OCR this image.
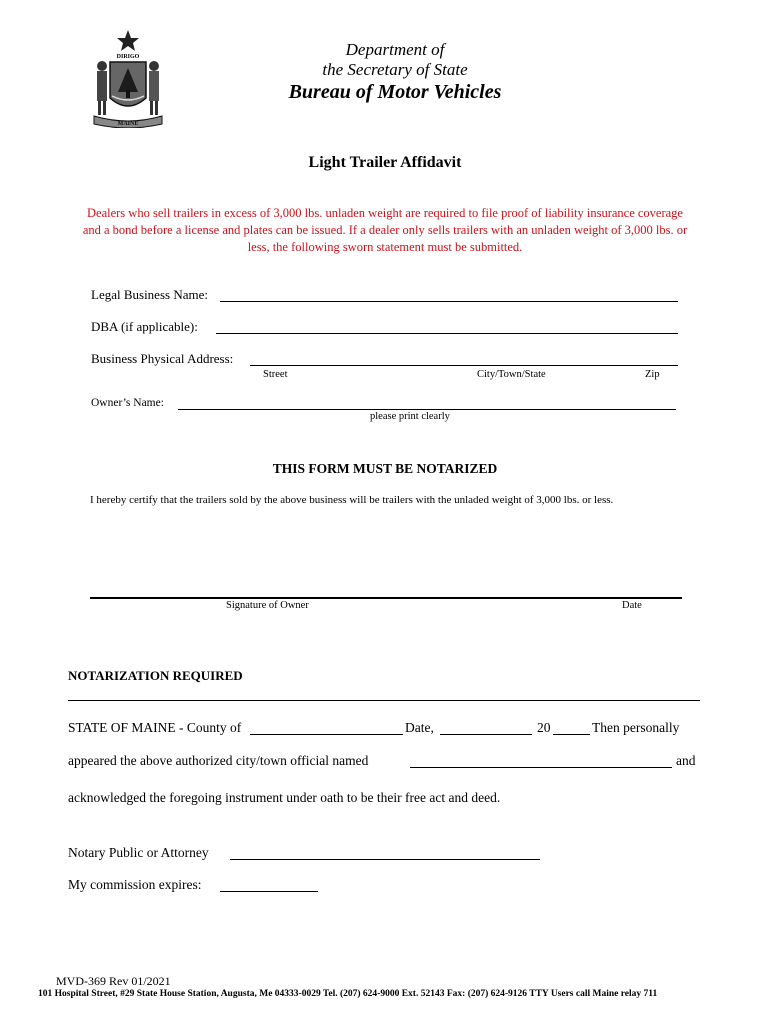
DIRIGO
MAINE
Department of
the Secretary of State
Bureau of Motor Vehicles
Light Trailer Affidavit
Dealers who sell trailers in excess of 3,000 lbs. unladen weight are required to file proof of liability insurance coverage and a bond before a license and plates can be issued. If a dealer only sells trailers with an unladen weight of 3,000 lbs. or less, the following sworn statement must be submitted.
Legal Business Name:
DBA (if applicable):
Business Physical Address:
Street	City/Town/State	Zip
Owner’s Name:
please print clearly
THIS FORM MUST BE NOTARIZED
I hereby certify that the trailers sold by the above business will be trailers with the unladed weight of 3,000 lbs. or less.
Signature of Owner	Date
NOTARIZATION REQUIRED
STATE OF MAINE - County of	Date,	20	Then personally
appeared the above authorized city/town official named	and
acknowledged the foregoing instrument under oath to be their free act and deed.
Notary Public or Attorney
My commission expires:
MVD-369 Rev 01/2021
101 Hospital Street, #29 State House Station, Augusta, Me 04333-0029 Tel. (207) 624-9000 Ext. 52143 Fax: (207) 624-9126 TTY Users call Maine relay 711
